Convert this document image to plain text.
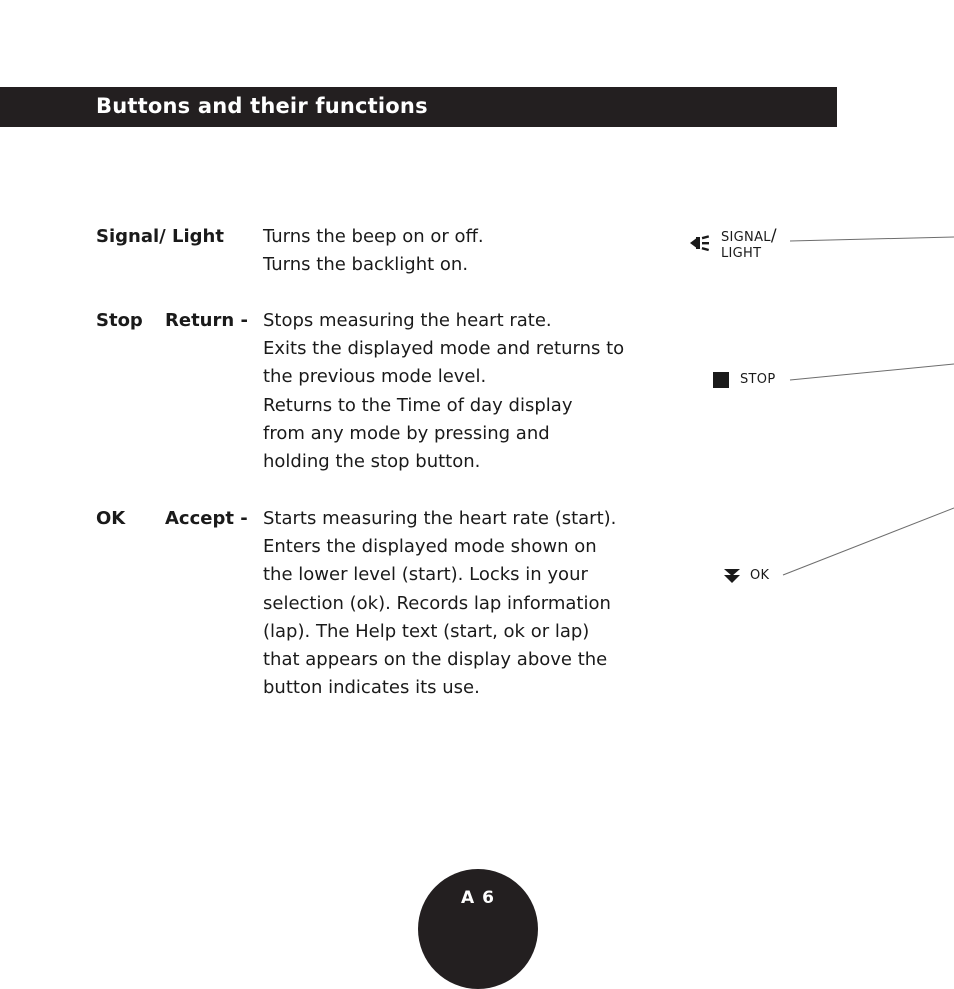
Buttons and their functions
Signal/ Light Turns the beep on or off.
Turns the backlight on.
Stop Return - Stops measuring the heart rate.
Exits the displayed mode and returns to
the previous mode level.
Returns to the Time of day display
from any mode by pressing and
holding the stop button.
OK Accept - Starts measuring the heart rate (start).
Enters the displayed mode shown on
the lower level (start). Locks in your
selection (ok). Records lap information
(lap). The Help text (start, ok or lap)
that appears on the display above the
button indicates its use.
SIGNAL/
LIGHT
STOP
OK
A 6
